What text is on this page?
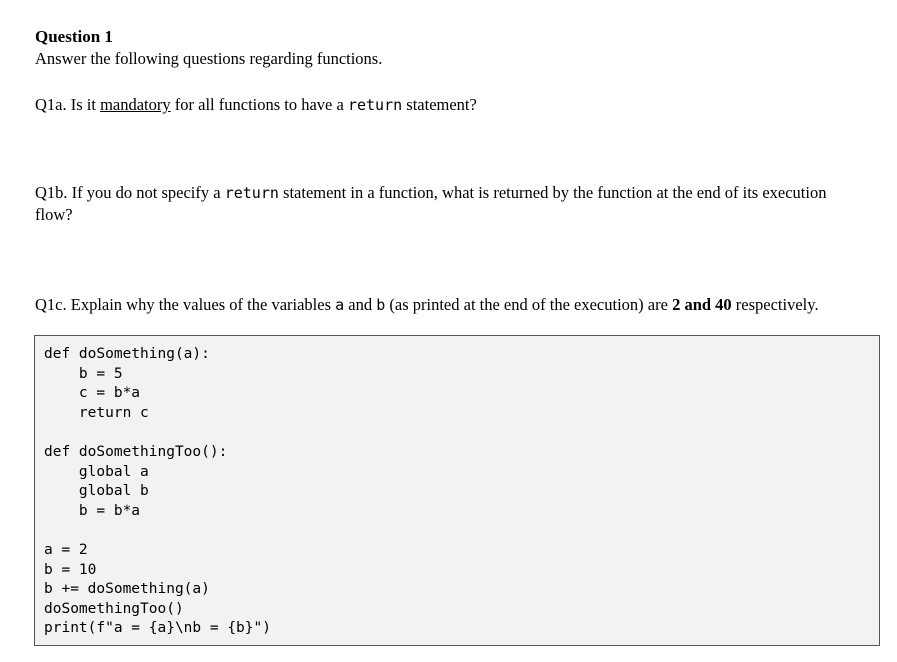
Question 1

Answer the following questions regarding functions.

Q1a. Is it mandatory for all functions to have a return statement?

Q1b. If you do not specify a return statement in a function, what is returned by the function at the end of its execution flow?

Q1c. Explain why the values of the variables a and b (as printed at the end of the execution) are 2 and 40 respectively.

def doSomething(a):
b = 5
c = b*a
return c
def doSomethingToo():
global a
global b
b = b*a
a = 2
b = 10
b += doSomething(a)
doSomethingToo()
print(f"a = {a}\nb = {b}")
